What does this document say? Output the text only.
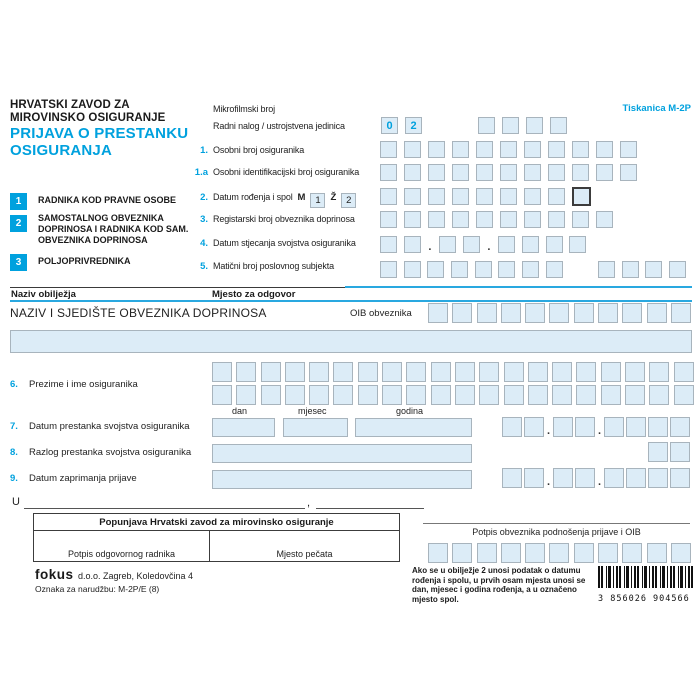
HRVATSKI ZAVOD ZA
MIROVINSKO OSIGURANJE
PRIJAVA O PRESTANKU
OSIGURANJA
Tiskanica M-2P
1	RADNIKA KOD PRAVNE OSOBE
2	SAMOSTALNOG OBVEZNIKA DOPRINOSA I RADNIKA KOD SAM. OBVEZNIKA DOPRINOSA
3	POLJOPRIVREDNIKA
Mikrofilmski broj
Radni nalog / ustrojstvena jedinica
1. Osobni broj osiguranika
1.a Osobni identifikacijski broj osiguranika
2. Datum rođenja i spol M	1	Ž	2
3. Registarski broj obveznika doprinosa
4. Datum stjecanja svojstva osiguranika
5. Matični broj poslovnog subjekta
0	2
.	.
Naziv obilježja	Mjesto za odgovor
NAZIV I SJEDIŠTE OBVEZNIKA DOPRINOSA	OIB obveznika
6.	Prezime i ime osiguranika
dan	mjesec	godina
7.	Datum prestanka svojstva osiguranika	.	.
8.	Razlog prestanka svojstva osiguranika
9.	Datum zaprimanja prijave	.	.
U	,
Popunjava Hrvatski zavod za mirovinsko osiguranje
Potpis odgovornog radnika	Mjesto pečata
Potpis obveznika podnošenja prijave i OIB
fokus d.o.o. Zagreb, Koledovčina 4
Oznaka za narudžbu: M-2P/E (8)
Ako se u obilježje 2 unosi podatak o datumu rođenja i spolu, u prvih osam mjesta unosi se dan, mjesec i godina rođenja, a u označeno mjesto spol.	3 856026 904566
